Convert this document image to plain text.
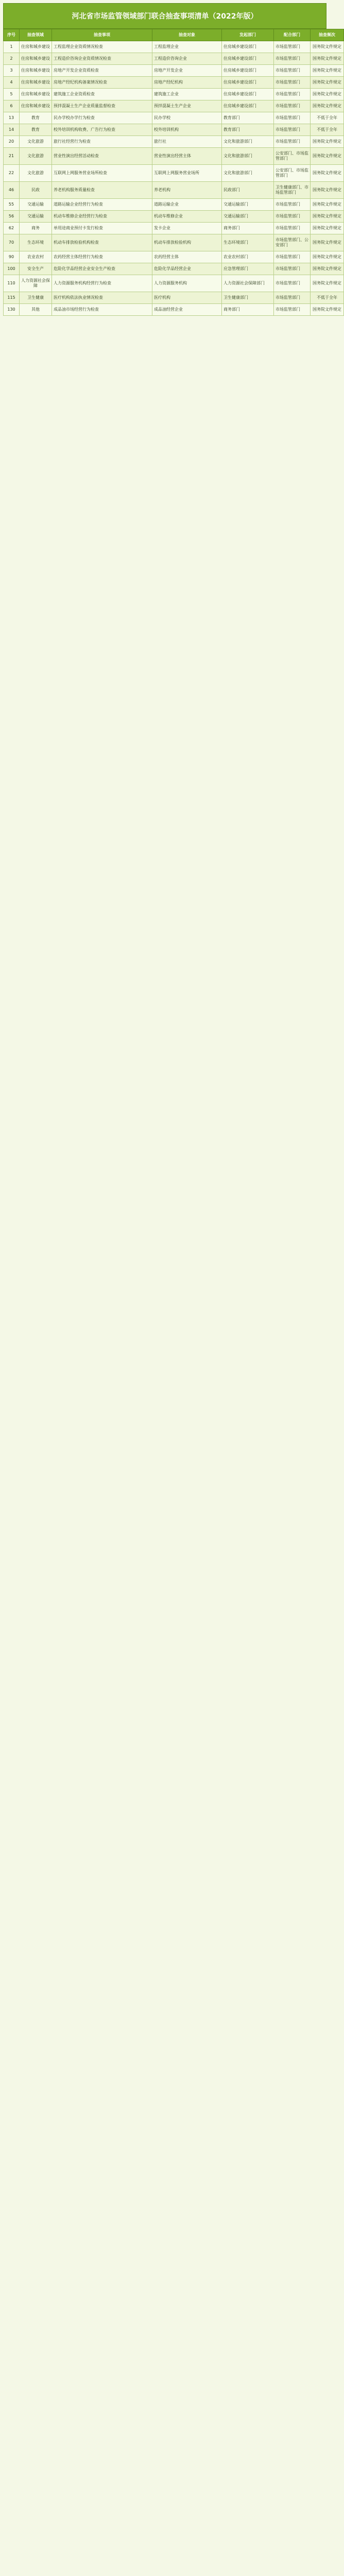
河北省市场监管领域部门联合抽查事项清单（2022年版）
序号	抽查领域	抽查事项	抽查对象	发起部门	配合部门	抽查频次
1	住房和城乡建设	工程监理企业资质情况检查	工程监理企业	住房城乡建设部门	市场监管部门	国务院文件规定
2	住房和城乡建设	工程造价咨询企业资质情况检查	工程造价咨询企业	住房城乡建设部门	市场监管部门	国务院文件规定
3	住房和城乡建设	房地产开发企业资质检查	房地产开发企业	住房城乡建设部门	市场监管部门	国务院文件规定
4	住房和城乡建设	房地产经纪机构备案情况检查	房地产经纪机构	住房城乡建设部门	市场监管部门	国务院文件规定
5	住房和城乡建设	建筑施工企业资质检查	建筑施工企业	住房城乡建设部门	市场监管部门	国务院文件规定
6	住房和城乡建设	预拌混凝土生产企业质量监督检查	预拌混凝土生产企业	住房城乡建设部门	市场监管部门	国务院文件规定
13	教育	民办学校办学行为检查	民办学校	教育部门	市场监管部门	不低于全年
14	教育	校外培训机构收费、广告行为检查	校外培训机构	教育部门	市场监管部门	不低于全年
20	文化旅游	旅行社经营行为检查	旅行社	文化和旅游部门	市场监管部门	国务院文件规定
21	文化旅游	营业性演出经营活动检查	营业性演出经营主体	文化和旅游部门	公安部门、市场监管部门	国务院文件规定
22	文化旅游	互联网上网服务营业场所检查	互联网上网服务营业场所	文化和旅游部门	公安部门、市场监管部门	国务院文件规定
46	民政	养老机构服务质量检查	养老机构	民政部门	卫生健康部门、市场监管部门	国务院文件规定
55	交通运输	道路运输企业经营行为检查	道路运输企业	交通运输部门	市场监管部门	国务院文件规定
56	交通运输	机动车维修企业经营行为检查	机动车维修企业	交通运输部门	市场监管部门	国务院文件规定
62	商务	单用途商业预付卡发行检查	发卡企业	商务部门	市场监管部门	国务院文件规定
70	生态环境	机动车排放检验机构检查	机动车排放检验机构	生态环境部门	市场监管部门、公安部门	国务院文件规定
90	农业农村	农药经营主体经营行为检查	农药经营主体	农业农村部门	市场监管部门	国务院文件规定
100	安全生产	危险化学品经营企业安全生产检查	危险化学品经营企业	应急管理部门	市场监管部门	国务院文件规定
110	人力资源社会保障	人力资源服务机构经营行为检查	人力资源服务机构	人力资源社会保障部门	市场监管部门	国务院文件规定
115	卫生健康	医疗机构依法执业情况检查	医疗机构	卫生健康部门	市场监管部门	不低于全年
130	其他	成品油市场经营行为检查	成品油经营企业	商务部门	市场监管部门	国务院文件规定
